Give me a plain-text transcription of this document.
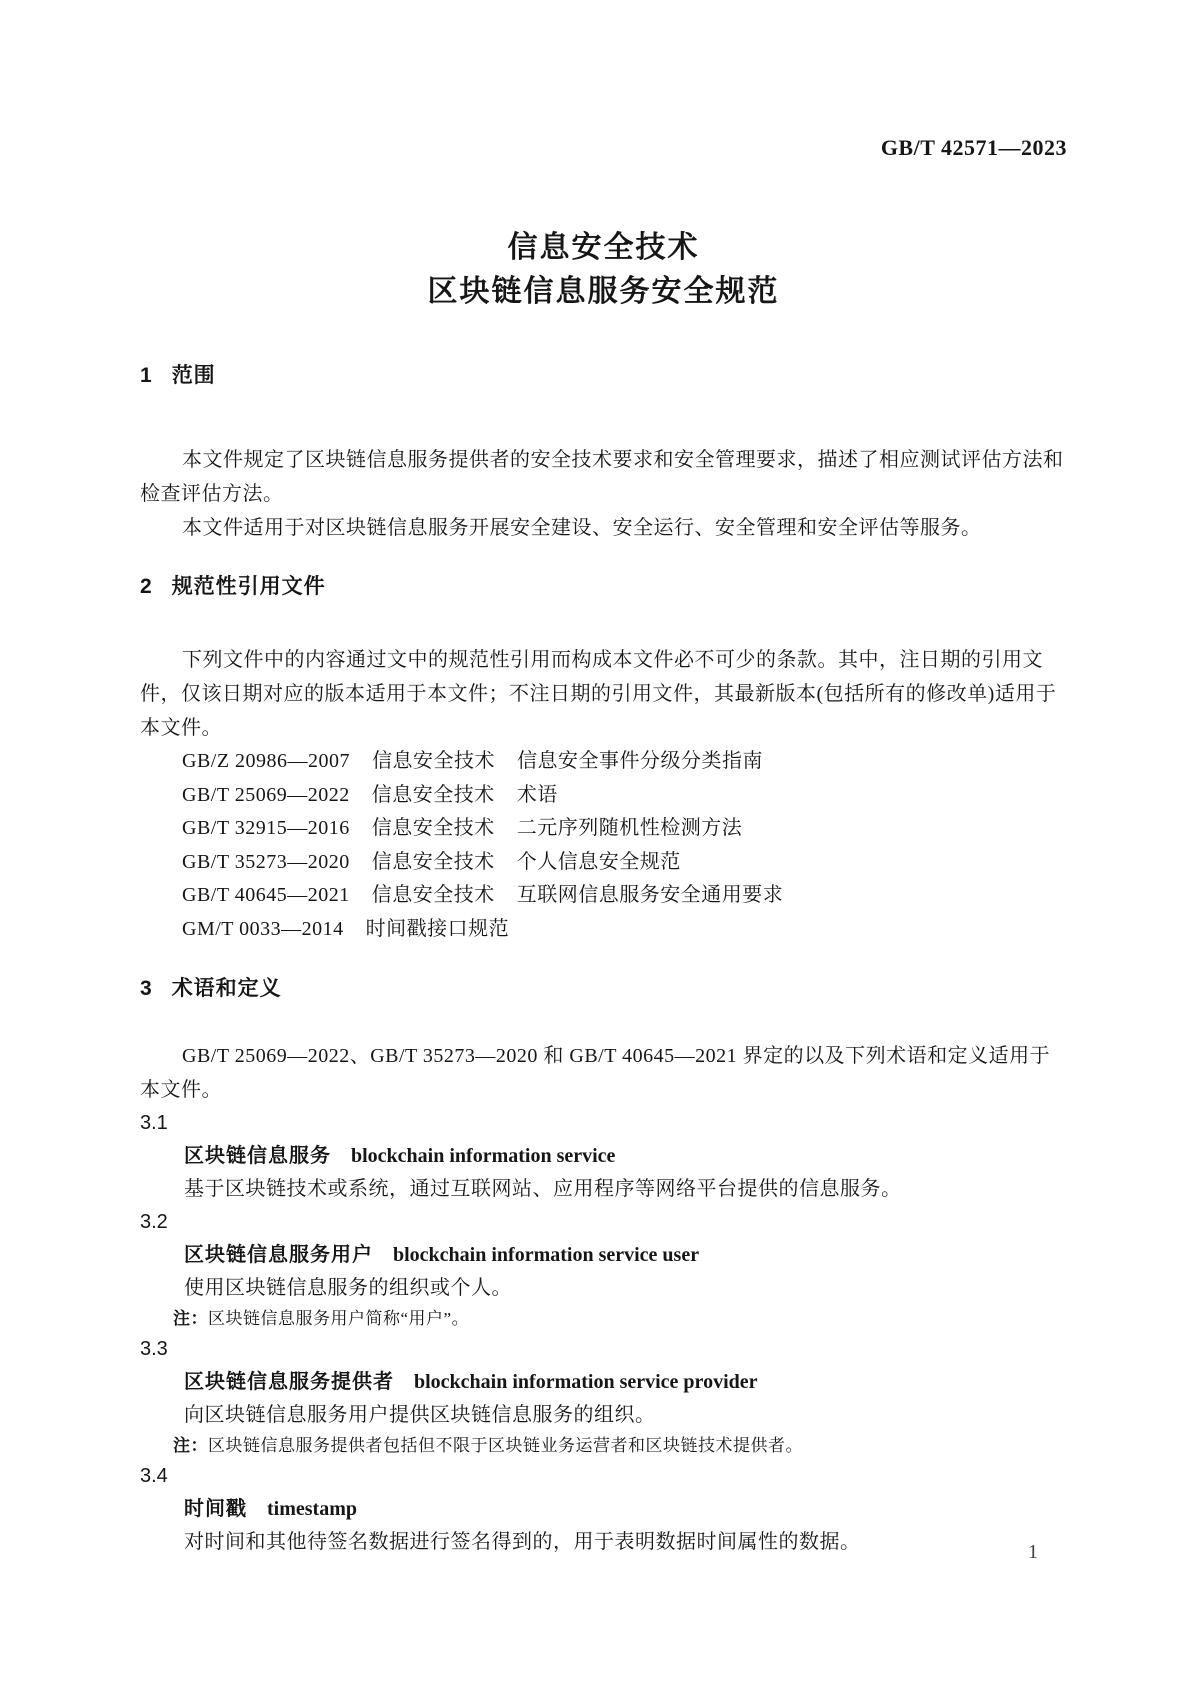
GB/T 42571—2023
信息安全技术
区块链信息服务安全规范
1 范围

本文件规定了区块链信息服务提供者的安全技术要求和安全管理要求，描述了相应测试评估方法和检查评估方法。

本文件适用于对区块链信息服务开展安全建设、安全运行、安全管理和安全评估等服务。

2 规范性引用文件

下列文件中的内容通过文中的规范性引用而构成本文件必不可少的条款。其中，注日期的引用文件，仅该日期对应的版本适用于本文件；不注日期的引用文件，其最新版本(包括所有的修改单)适用于本文件。

GB/Z 20986—2007 信息安全技术 信息安全事件分级分类指南
GB/T 25069—2022 信息安全技术 术语
GB/T 32915—2016 信息安全技术 二元序列随机性检测方法
GB/T 35273—2020 信息安全技术 个人信息安全规范
GB/T 40645—2021 信息安全技术 互联网信息服务安全通用要求
GM/T 0033—2014 时间戳接口规范
3 术语和定义

GB/T 25069—2022、GB/T 35273—2020 和 GB/T 40645—2021 界定的以及下列术语和定义适用于本文件。

3.1
区块链信息服务 blockchain information service
基于区块链技术或系统，通过互联网站、应用程序等网络平台提供的信息服务。
3.2
区块链信息服务用户 blockchain information service user
使用区块链信息服务的组织或个人。
注：区块链信息服务用户简称“用户”。
3.3
区块链信息服务提供者 blockchain information service provider
向区块链信息服务用户提供区块链信息服务的组织。
注：区块链信息服务提供者包括但不限于区块链业务运营者和区块链技术提供者。
3.4
时间戳 timestamp
对时间和其他待签名数据进行签名得到的，用于表明数据时间属性的数据。	1
